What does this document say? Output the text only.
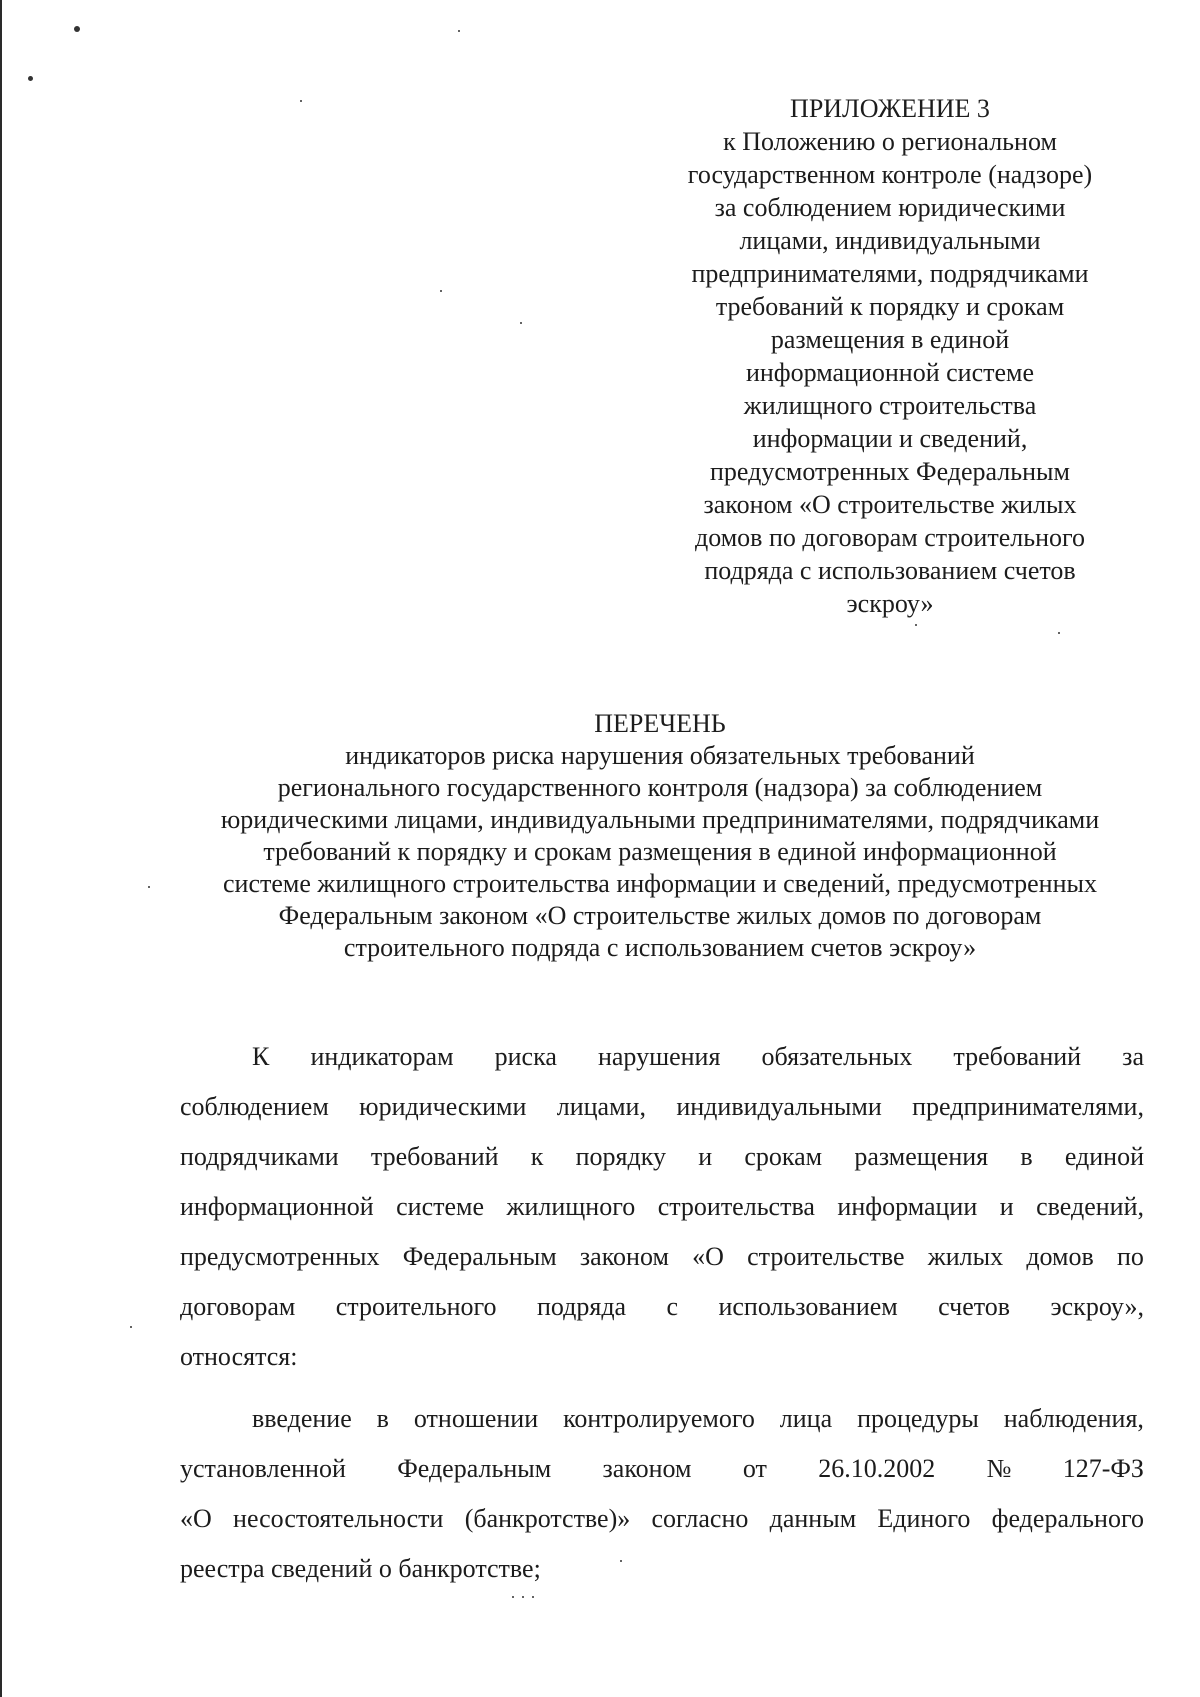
ПРИЛОЖЕНИЕ 3
к Положению о региональном
государственном контроле (надзоре)
за соблюдением юридическими
лицами, индивидуальными
предпринимателями, подрядчиками
требований к порядку и срокам
размещения в единой
информационной системе
жилищного строительства
информации и сведений,
предусмотренных Федеральным
законом «О строительстве жилых
домов по договорам строительного
подряда с использованием счетов
эскроу»
ПЕРЕЧЕНЬ
индикаторов риска нарушения обязательных требований
регионального государственного контроля (надзора) за соблюдением
юридическими лицами, индивидуальными предпринимателями, подрядчиками
требований к порядку и срокам размещения в единой информационной
системе жилищного строительства информации и сведений, предусмотренных
Федеральным законом «О строительстве жилых домов по договорам
строительного подряда с использованием счетов эскроу»
К индикаторам риска нарушения обязательных требований за
соблюдением юридическими лицами, индивидуальными предпринимателями,
подрядчиками требований к порядку и срокам размещения в единой
информационной системе жилищного строительства информации и сведений,
предусмотренных Федеральным законом «О строительстве жилых домов по
договорам строительного подряда с использованием счетов эскроу»,
относятся:
введение в отношении контролируемого лица процедуры наблюдения,
установленной Федеральным законом от 26.10.2002 № 127-ФЗ
«О несостоятельности (банкротстве)» согласно данным Единого федерального
реестра сведений о банкротстве;
